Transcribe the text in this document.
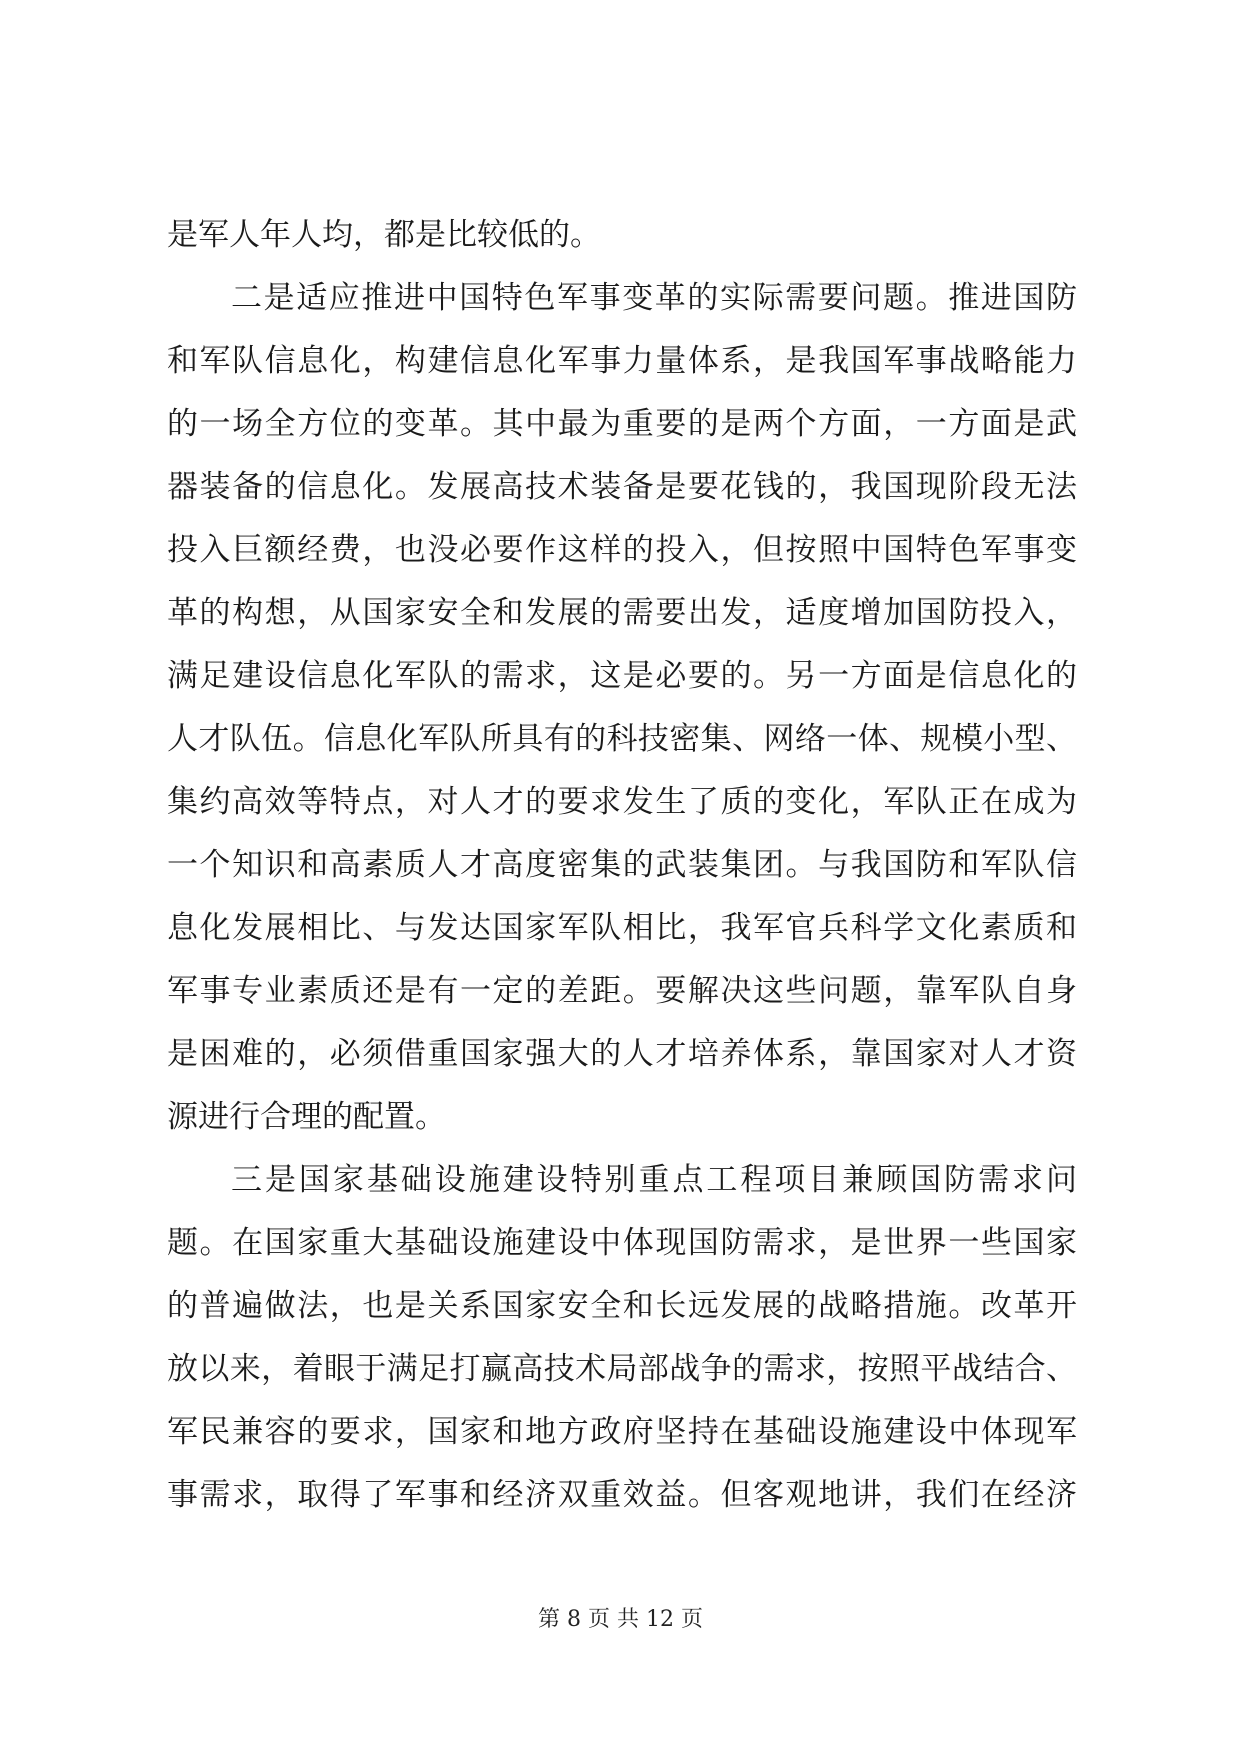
是军人年人均，都是比较低的。
二是适应推进中国特色军事变革的实际需要问题。推进国防
和军队信息化，构建信息化军事力量体系，是我国军事战略能力
的一场全方位的变革。其中最为重要的是两个方面，一方面是武
器装备的信息化。发展高技术装备是要花钱的，我国现阶段无法
投入巨额经费，也没必要作这样的投入，但按照中国特色军事变
革的构想，从国家安全和发展的需要出发，适度增加国防投入，
满足建设信息化军队的需求，这是必要的。另一方面是信息化的
人才队伍。信息化军队所具有的科技密集、网络一体、规模小型、
集约高效等特点，对人才的要求发生了质的变化，军队正在成为
一个知识和高素质人才高度密集的武装集团。与我国防和军队信
息化发展相比、与发达国家军队相比，我军官兵科学文化素质和
军事专业素质还是有一定的差距。要解决这些问题，靠军队自身
是困难的，必须借重国家强大的人才培养体系，靠国家对人才资
源进行合理的配置。
三是国家基础设施建设特别重点工程项目兼顾国防需求问
题。在国家重大基础设施建设中体现国防需求，是世界一些国家
的普遍做法，也是关系国家安全和长远发展的战略措施。改革开
放以来，着眼于满足打赢高技术局部战争的需求，按照平战结合、
军民兼容的要求，国家和地方政府坚持在基础设施建设中体现军
事需求，取得了军事和经济双重效益。但客观地讲，我们在经济
第 8 页 共 12 页
